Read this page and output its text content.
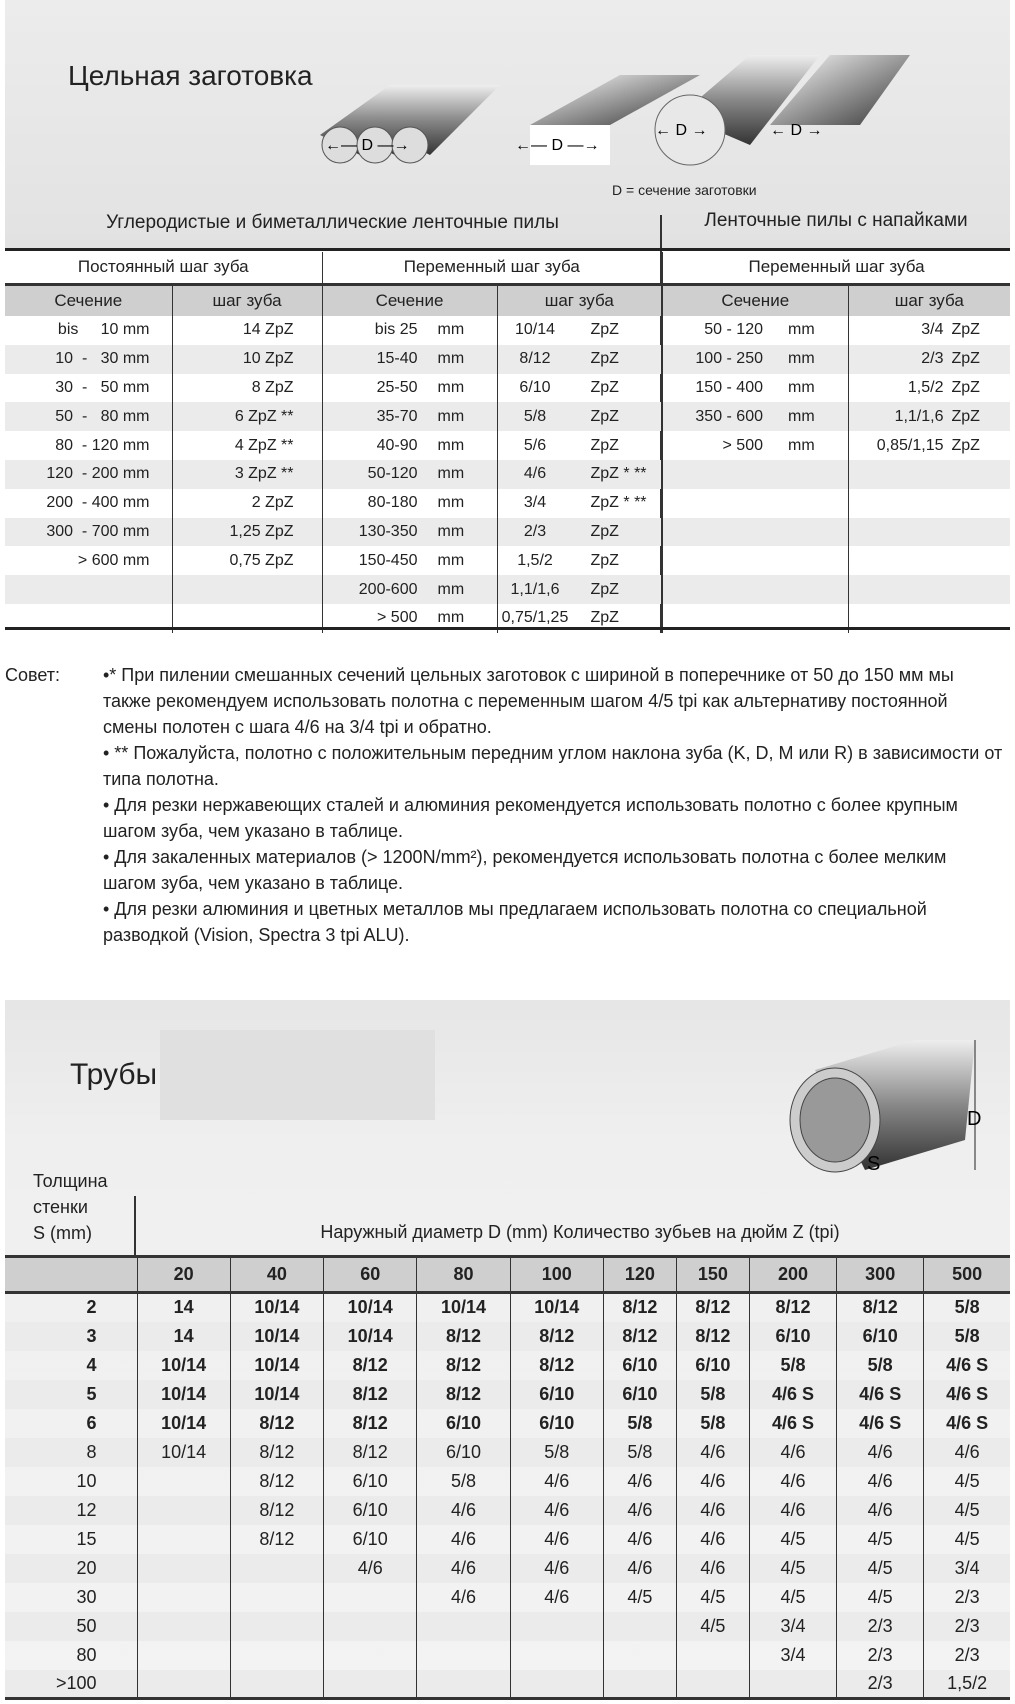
Цельная заготовка
←— D —→	←— D —→
← D →	← D →
D = сечение заготовки
Углеродистые и биметаллические ленточные пилы	Ленточные пилы с напайками
Постоянный шаг зуба		Переменный шаг зуба		Переменный шаг зуба	
Сечение	шаг зуба	Сечение	шаг зуба	Сечение	шаг зуба
bis     10 mm	14 ZpZ	bis 25 mm	10/14 ZpZ	50 - 120 mm	3/4 ZpZ
10  -   30 mm	10 ZpZ	15-40 mm	8/12 ZpZ	100 - 250 mm	2/3 ZpZ
30  -   50 mm	8 ZpZ	25-50 mm	6/10 ZpZ	150 - 400 mm	1,5/2 ZpZ
50  -   80 mm	6 ZpZ **	35-70 mm	5/8 ZpZ	350 - 600 mm	1,1/1,6 ZpZ
80  - 120 mm	4 ZpZ **	40-90 mm	5/6 ZpZ	> 500 mm	0,85/1,15 ZpZ
120  - 200 mm	3 ZpZ **	50-120 mm	4/6 ZpZ * **		
200  - 400 mm	2 ZpZ	80-180 mm	3/4 ZpZ * **		
300  - 700 mm	1,25 ZpZ	130-350 mm	2/3 ZpZ		
> 600 mm	0,75 ZpZ	150-450 mm	1,5/2 ZpZ		
		200-600 mm	1,1/1,6 ZpZ		
		> 500 mm	0,75/1,25 ZpZ		
Совет: •* При пилении смешанных сечений цельных заготовок с шириной в поперечнике от 50 до 150 мм мы также рекомендуем использовать полотна с переменным шагом 4/5 tpi как альтернативу постоянной смены полотен с шага 4/6 на 3/4 tpi и обратно.
• ** Пожалуйста, полотно с положительным передним углом наклона зуба (K, D, M или R) в зависимости от типа полотна.
• Для резки нержавеющих сталей и алюминия рекомендуется использовать полотно с более крупным шагом зуба, чем указано в таблице.
• Для закаленных материалов (> 1200N/mm²), рекомендуется использовать полотна с более мелким шагом зуба, чем указано в таблице.
• Для резки алюминия и цветных металлов мы предлагаем использовать полотна со специальной разводкой (Vision, Spectra 3 tpi ALU).
Трубы
D
S
Толщина
стенки
S (mm)	Наружный диаметр D (mm) Количество зубьев на дюйм Z (tpi)
	20	40	60	80	100	120	150	200	300	500
2	14	10/14	10/14	10/14	10/14	8/12	8/12	8/12	8/12	5/8
3	14	10/14	10/14	8/12	8/12	8/12	8/12	6/10	6/10	5/8
4	10/14	10/14	8/12	8/12	8/12	6/10	6/10	5/8	5/8	4/6 S
5	10/14	10/14	8/12	8/12	6/10	6/10	5/8	4/6 S	4/6 S	4/6 S
6	10/14	8/12	8/12	6/10	6/10	5/8	5/8	4/6 S	4/6 S	4/6 S
8	10/14	8/12	8/12	6/10	5/8	5/8	4/6	4/6	4/6	4/6
10		8/12	6/10	5/8	4/6	4/6	4/6	4/6	4/6	4/5
12		8/12	6/10	4/6	4/6	4/6	4/6	4/6	4/6	4/5
15		8/12	6/10	4/6	4/6	4/6	4/6	4/5	4/5	4/5
20			4/6	4/6	4/6	4/6	4/6	4/5	4/5	3/4
30				4/6	4/6	4/5	4/5	4/5	4/5	2/3
50							4/5	3/4	2/3	2/3
80								3/4	2/3	2/3
>100									2/3	1,5/2
